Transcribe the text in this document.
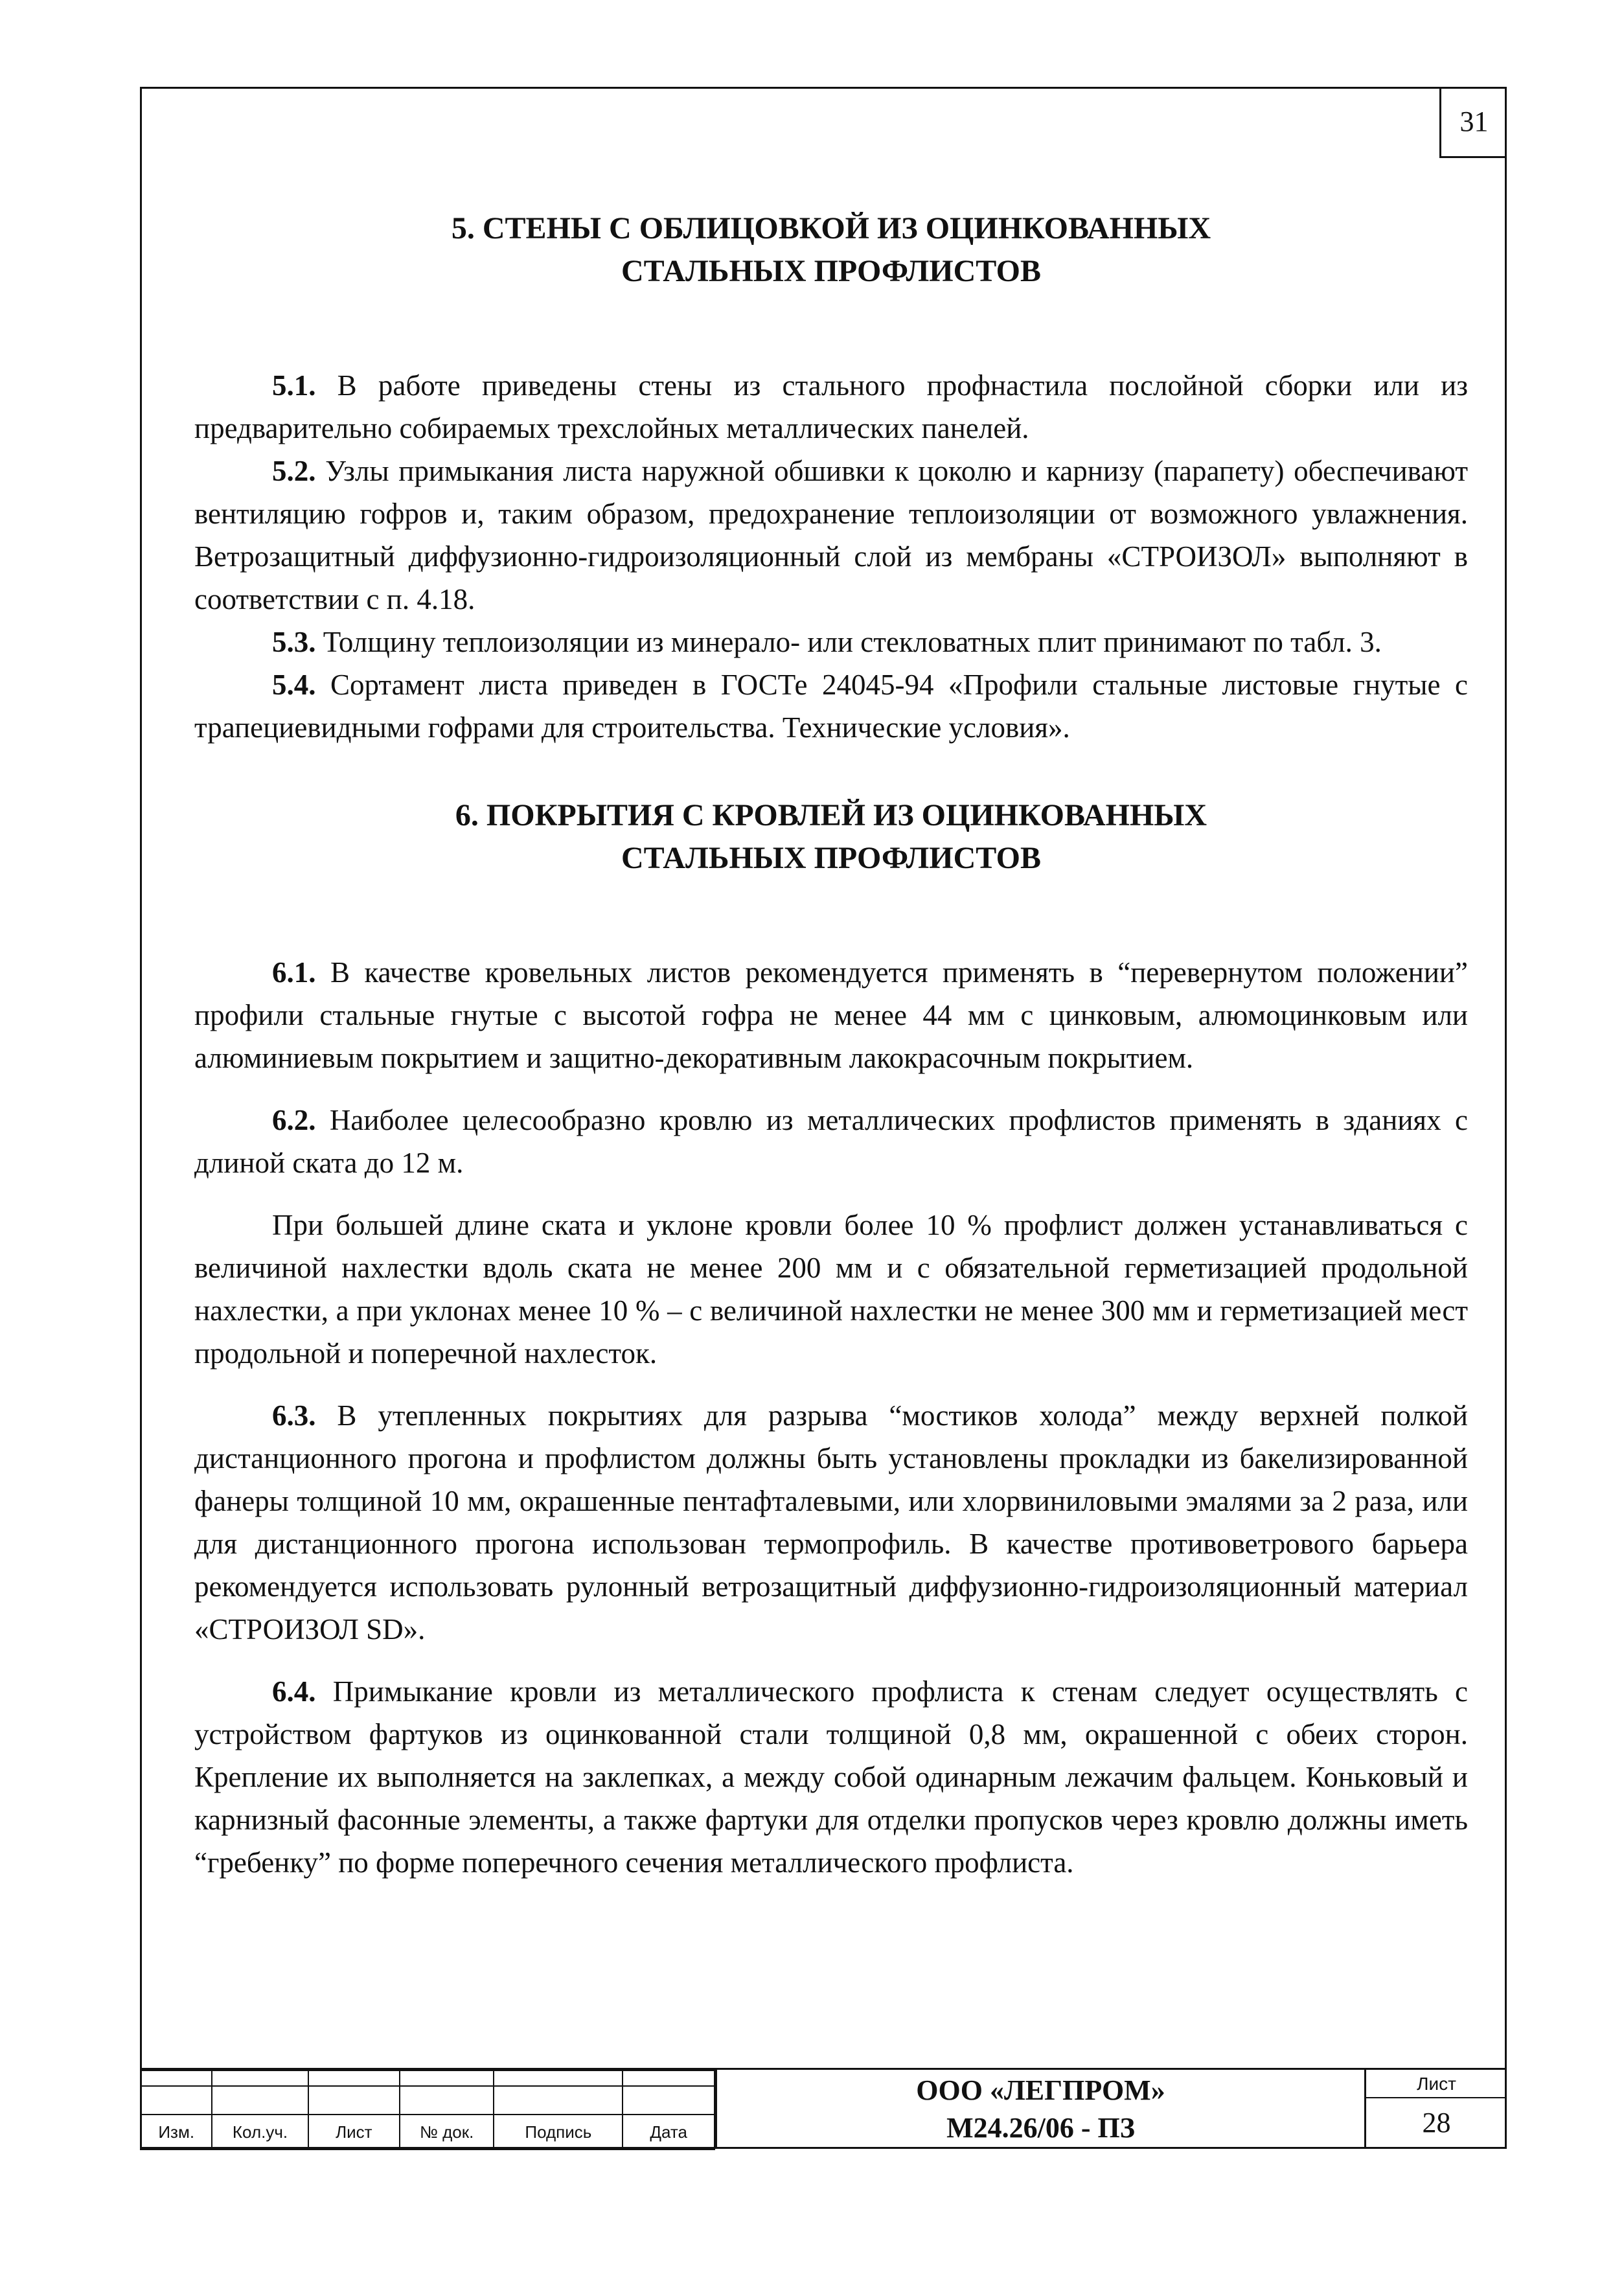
31
5. СТЕНЫ С ОБЛИЦОВКОЙ ИЗ ОЦИНКОВАННЫХ
СТАЛЬНЫХ ПРОФЛИСТОВ

5.1. В работе приведены стены из стального профнастила послойной сборки или из предварительно собираемых трехслойных металлических панелей.

5.2. Узлы примыкания листа наружной обшивки к цоколю и карнизу (парапету) обеспечивают вентиляцию гофров и, таким образом, предохранение теплоизоляции от возможного увлажнения. Ветрозащитный диффузионно-гидроизоляционный слой из мембраны «СТРОИЗОЛ» выполняют в соответствии с п. 4.18.

5.3. Толщину теплоизоляции из минерало- или стекловатных плит принимают по табл. 3.

5.4. Сортамент листа приведен в ГОСТе 24045-94 «Профили стальные листовые гнутые с трапециевидными гофрами для строительства. Технические условия».

6. ПОКРЫТИЯ С КРОВЛЕЙ ИЗ ОЦИНКОВАННЫХ
СТАЛЬНЫХ ПРОФЛИСТОВ

6.1. В качестве кровельных листов рекомендуется применять в “перевернутом положении” профили стальные гнутые с высотой гофра не менее 44 мм с цинковым, алюмоцинковым или алюминиевым покрытием и защитно-декоративным лакокрасочным покрытием.

6.2. Наиболее целесообразно кровлю из металлических профлистов применять в зданиях с длиной ската до 12 м.

При большей длине ската и уклоне кровли более 10 % профлист должен устанавливаться с величиной нахлестки вдоль ската не менее 200 мм и с обязательной герметизацией продольной нахлестки, а при уклонах менее 10 % – с величиной нахлестки не менее 300 мм и герметизацией мест продольной и поперечной нахлесток.

6.3. В утепленных покрытиях для разрыва “мостиков холода” между верхней полкой дистанционного прогона и профлистом должны быть установлены прокладки из бакелизированной фанеры толщиной 10 мм, окрашенные пентафталевыми, или хлорвиниловыми эмалями за 2 раза, или для дистанционного прогона использован термопрофиль. В качестве противоветрового барьера рекомендуется использовать рулонный ветрозащитный диффузионно-гидроизоляционный материал «СТРОИЗОЛ SD».

6.4. Примыкание кровли из металлического профлиста к стенам следует осуществлять с устройством фартуков из оцинкованной стали толщиной 0,8 мм, окрашенной с обеих сторон. Крепление их выполняется на заклепках, а между собой одинарным лежачим фальцем. Коньковый и карнизный фасонные элементы, а также фартуки для отделки пропусков через кровлю должны иметь “гребенку” по форме поперечного сечения металлического профлиста.

Изм.	Кол.уч.	Лист	№ док.	Подпись	Дата
ООО «ЛЕГПРОМ»
М24.26/06 - ПЗ
Лист
28
